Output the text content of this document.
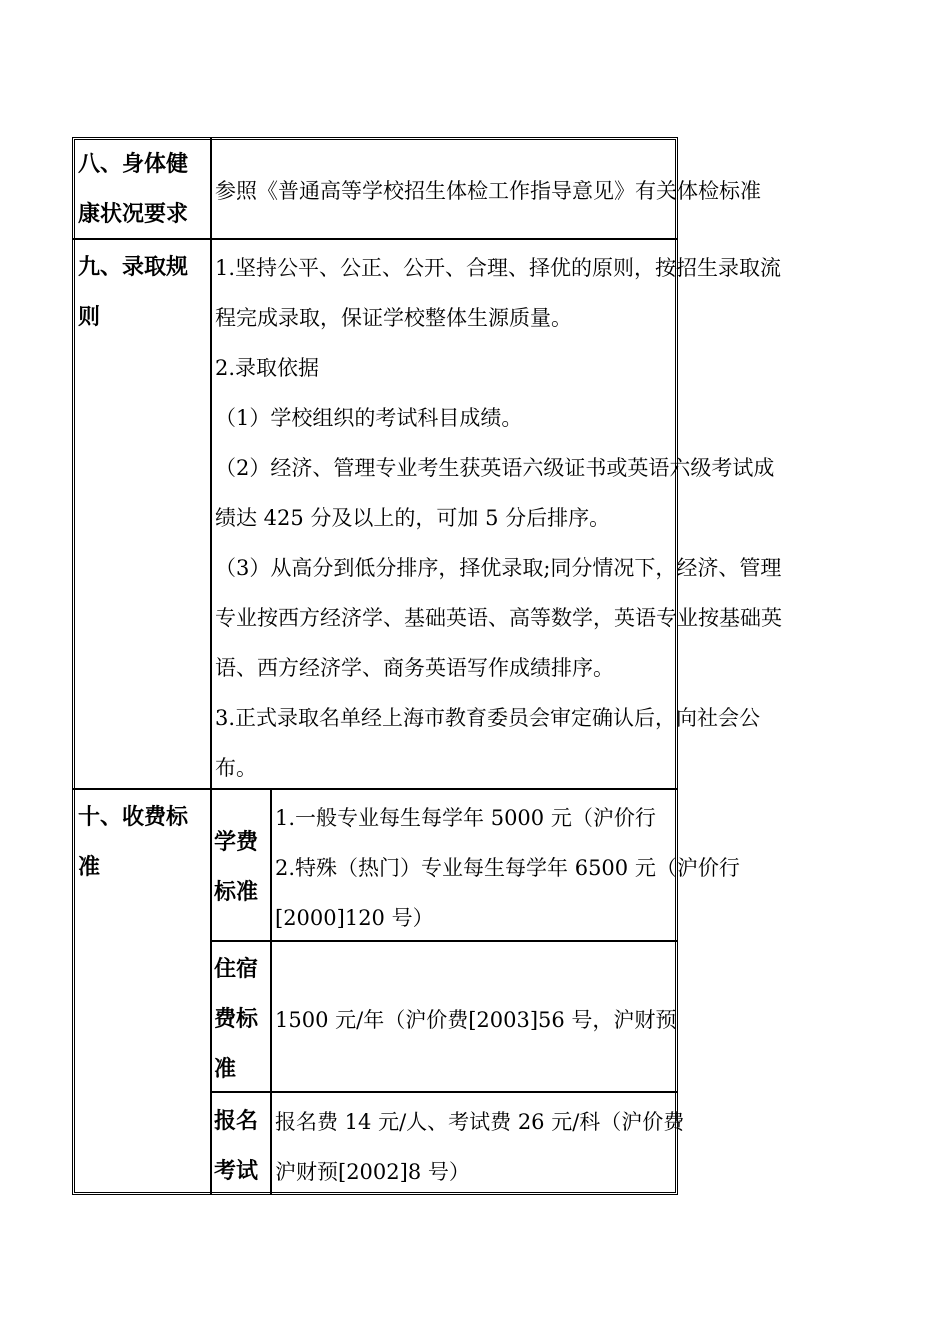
八、身体健
康状况要求
参照《普通高等学校招生体检工作指导意见》有关体检标准
九、录取规
则
1.坚持公平、公正、公开、合理、择优的原则，按招生录取流
程完成录取，保证学校整体生源质量。
2.录取依据
（1）学校组织的考试科目成绩。
（2）经济、管理专业考生获英语六级证书或英语六级考试成
绩达 425 分及以上的，可加 5 分后排序。
（3）从高分到低分排序，择优录取;同分情况下，经济、管理
专业按西方经济学、基础英语、高等数学，英语专业按基础英
语、西方经济学、商务英语写作成绩排序。
3.正式录取名单经上海市教育委员会审定确认后，向社会公
布。
十、收费标
准
学费
标准
1.一般专业每生每学年 5000 元（沪价行
2.特殊（热门）专业每生每学年 6500 元（沪价行
[2000]120 号）
住宿
费标
准
1500 元/年（沪价费[2003]56 号，沪财预
报名
考试
报名费 14 元/人、考试费 26 元/科（沪价费
沪财预[2002]8 号）
